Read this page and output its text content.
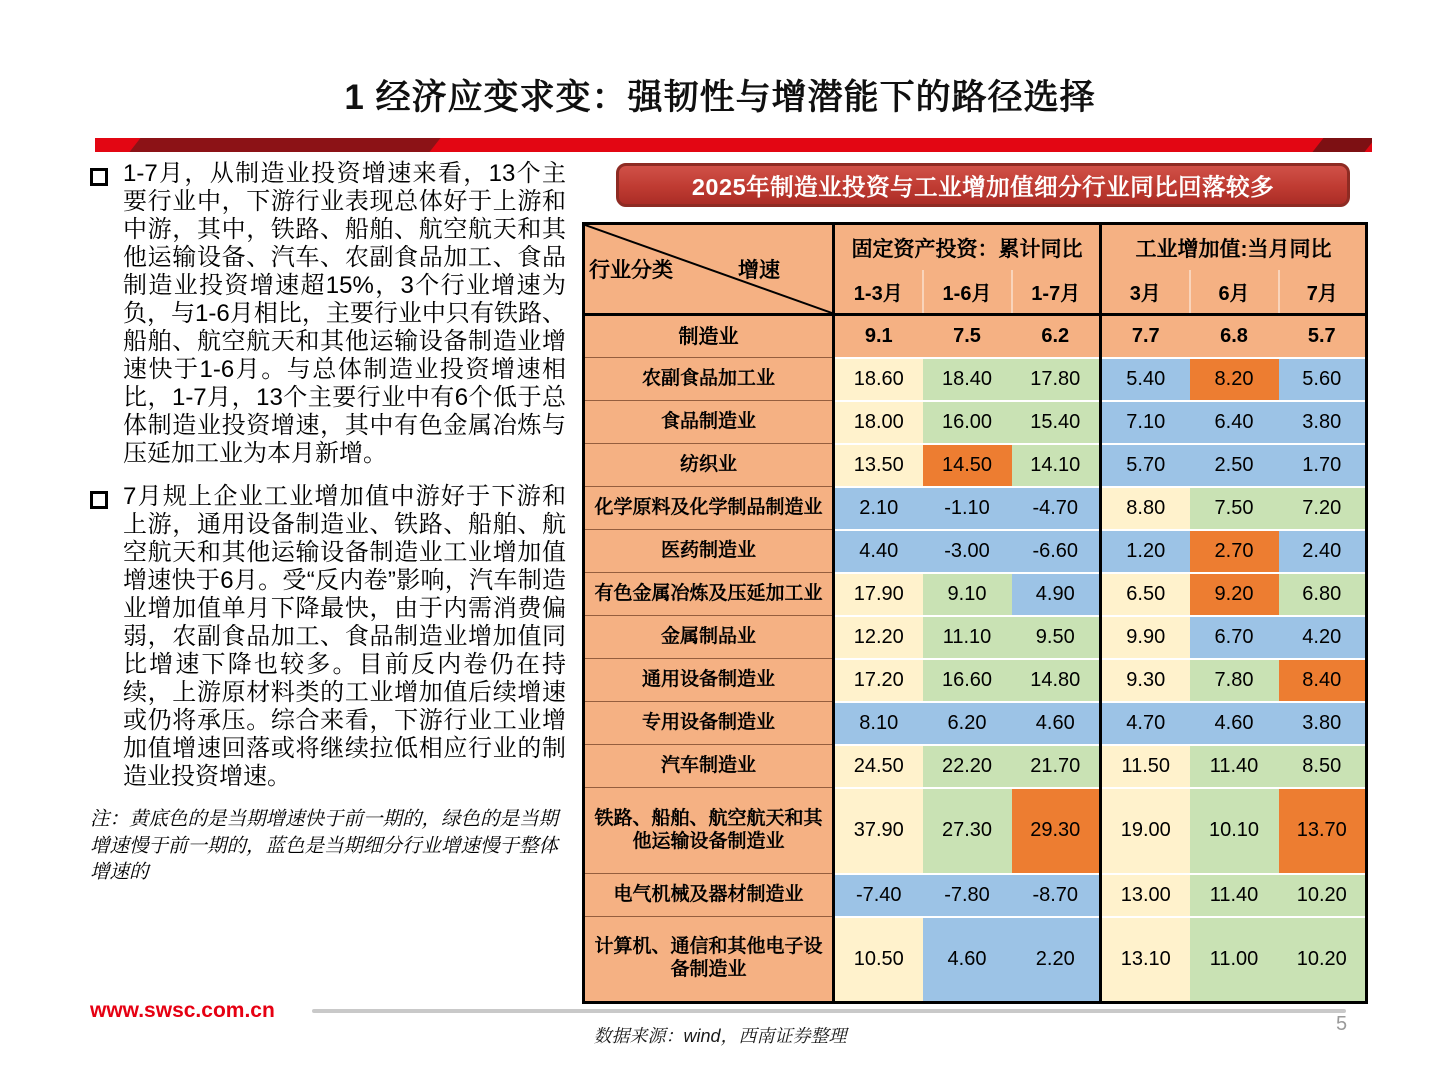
1 经济应变求变：强韧性与增潜能下的路径选择

1-7月，从制造业投资增速来看，13个主要行业中，下游行业表现总体好于上游和中游，其中，铁路、船舶、航空航天和其他运输设备、汽车、农副食品加工、食品制造业投资增速超15%，3个行业增速为负，与1-6月相比，主要行业中只有铁路、船舶、航空航天和其他运输设备制造业增速快于1-6月。与总体制造业投资增速相比，1-7月，13个主要行业中有6个低于总体制造业投资增速，其中有色金属冶炼与压延加工业为本月新增。

7月规上企业工业增加值中游好于下游和上游，通用设备制造业、铁路、船舶、航空航天和其他运输设备制造业工业增加值增速快于6月。受“反内卷”影响，汽车制造业增加值单月下降最快，由于内需消费偏弱，农副食品加工、食品制造业增加值同比增速下降也较多。目前反内卷仍在持续，上游原材料类的工业增加值后续增速或仍将承压。综合来看，下游行业工业增加值增速回落或将继续拉低相应行业的制造业投资增速。

注：黄底色的是当期增速快于前一期的，绿色的是当期增速慢于前一期的，蓝色是当期细分行业增速慢于整体增速的
2025年制造业投资与工业增加值细分行业同比回落较多
行业分类 增速	固定资产投资：累计同比			工业增加值:当月同比		
	1-3月	1-6月	1-7月	3月	6月	7月
制造业	9.1	7.5	6.2	7.7	6.8	5.7
农副食品加工业	18.60	18.40	17.80	5.40	8.20	5.60
食品制造业	18.00	16.00	15.40	7.10	6.40	3.80
纺织业	13.50	14.50	14.10	5.70	2.50	1.70
化学原料及化学制品制造业	2.10	-1.10	-4.70	8.80	7.50	7.20
医药制造业	4.40	-3.00	-6.60	1.20	2.70	2.40
有色金属冶炼及压延加工业	17.90	9.10	4.90	6.50	9.20	6.80
金属制品业	12.20	11.10	9.50	9.90	6.70	4.20
通用设备制造业	17.20	16.60	14.80	9.30	7.80	8.40
专用设备制造业	8.10	6.20	4.60	4.70	4.60	3.80
汽车制造业	24.50	22.20	21.70	11.50	11.40	8.50
铁路、船舶、航空航天和其他运输设备制造业	37.90	27.30	29.30	19.00	10.10	13.70
电气机械及器材制造业	-7.40	-7.80	-8.70	13.00	11.40	10.20
计算机、通信和其他电子设备制造业	10.50	4.60	2.20	13.10	11.00	10.20
www.swsc.com.cn
数据来源：wind，西南证券整理
5
